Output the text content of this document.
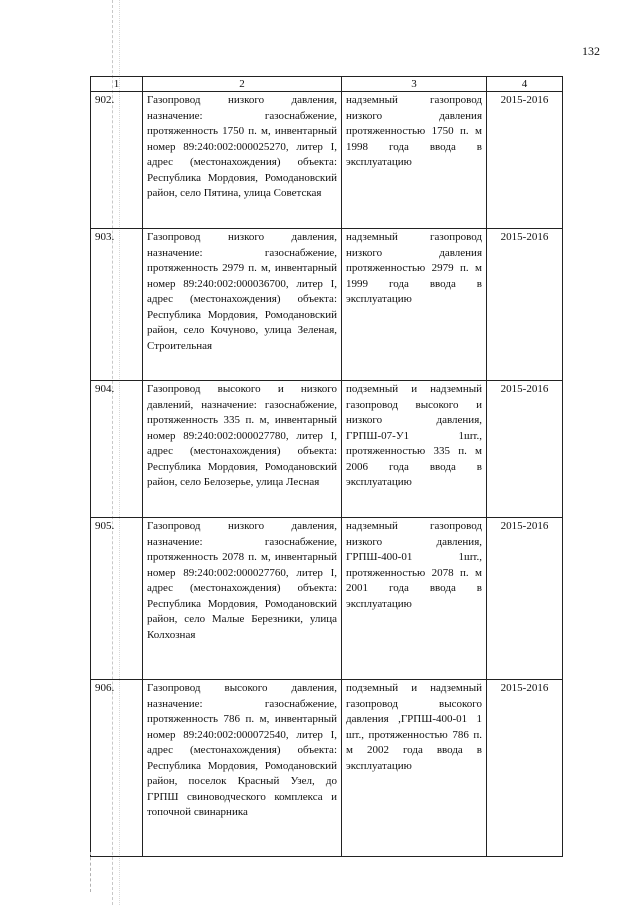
132
1	2	3	4
902.	Газопровод низкого давления, назначение: газоснабжение, протяженность 1750 п. м, инвентарный номер 89:240:002:000025270, литер I, адрес (местонахождения) объекта: Республика Мордовия, Ромодановский район, село Пятина, улица Советская	надземный газопровод низкого давления протяженностью 1750 п. м 1998 года ввода в эксплуатацию	2015-2016
903.	Газопровод низкого давления, назначение: газоснабжение, протяженность 2979 п. м, инвентарный номер 89:240:002:000036700, литер I, адрес (местонахождения) объекта: Республика Мордовия, Ромодановский район, село Кочуново, улица Зеленая, Строительная	надземный газопровод низкого давления протяженностью 2979 п. м 1999 года ввода в эксплуатацию	2015-2016
904.	Газопровод высокого и низкого давлений, назначение: газоснабжение, протяженность 335 п. м, инвентарный номер 89:240:002:000027780, литер I, адрес (местонахождения) объекта: Республика Мордовия, Ромодановский район, село Белозерье, улица Лесная	подземный и надземный газопровод высокого и низкого давления, ГРПШ-07-У1 1шт., протяженностью 335 п. м 2006 года ввода в эксплуатацию	2015-2016
905.	Газопровод низкого давления, назначение: газоснабжение, протяженность 2078 п. м, инвентарный номер 89:240:002:000027760, литер I, адрес (местонахождения) объекта: Республика Мордовия, Ромодановский район, село Малые Березники, улица Колхозная	надземный газопровод низкого давления, ГРПШ-400-01 1шт., протяженностью 2078 п. м 2001 года ввода в эксплуатацию	2015-2016
906.	Газопровод высокого давления, назначение: газоснабжение, протяженность 786 п. м, инвентарный номер 89:240:002:000072540, литер I, адрес (местонахождения) объекта: Республика Мордовия, Ромодановский район, поселок Красный Узел, до ГРПШ свиноводческого комплекса и топочной свинарника	подземный и надземный газопровод высокого давления ,ГРПШ-400-01 1 шт., протяженностью 786 п. м 2002 года ввода в эксплуатацию	2015-2016
